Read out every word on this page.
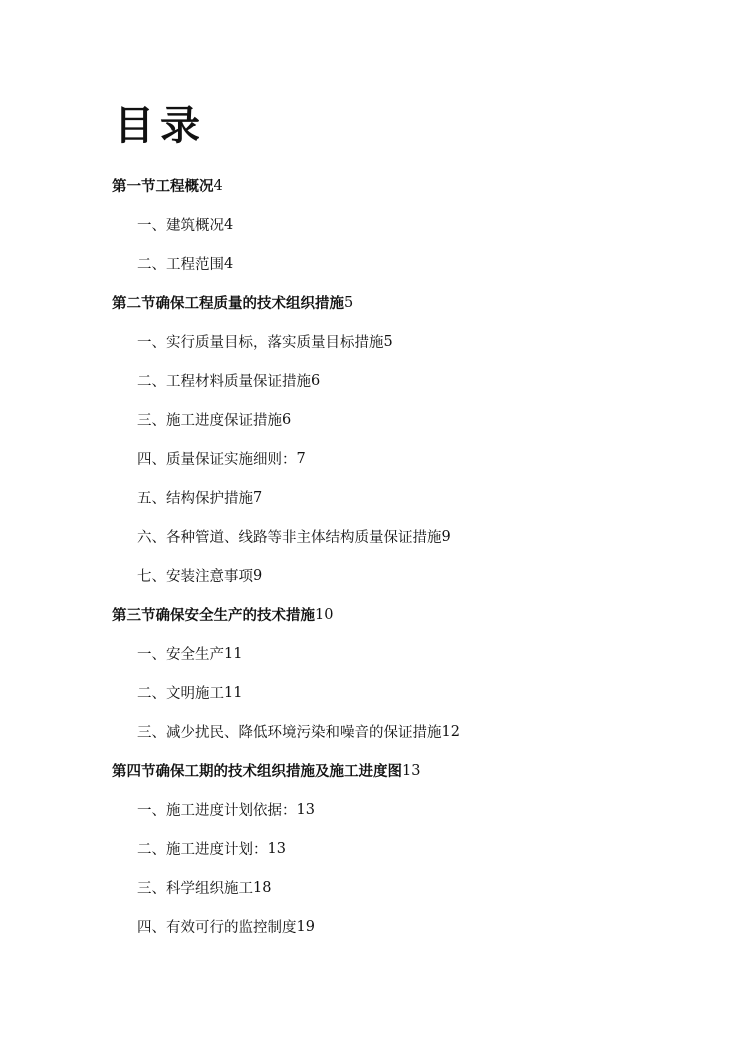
目录
第一节工程概况 4
一、建筑概况 4
二、工程范围 4
第二节确保工程质量的技术组织措施 5
一、实行质量目标，落实质量目标措施 5
二、工程材料质量保证措施 6
三、施工进度保证措施 6
四、质量保证实施细则： 7
五、结构保护措施 7
六、各种管道、线路等非主体结构质量保证措施 9
七、安装注意事项 9
第三节确保安全生产的技术措施 10
一、安全生产 11
二、文明施工 11
三、减少扰民、降低环境污染和噪音的保证措施 12
第四节确保工期的技术组织措施及施工进度图 13
一、施工进度计划依据： 13
二、施工进度计划： 13
三、科学组织施工 18
四、有效可行的监控制度 19
